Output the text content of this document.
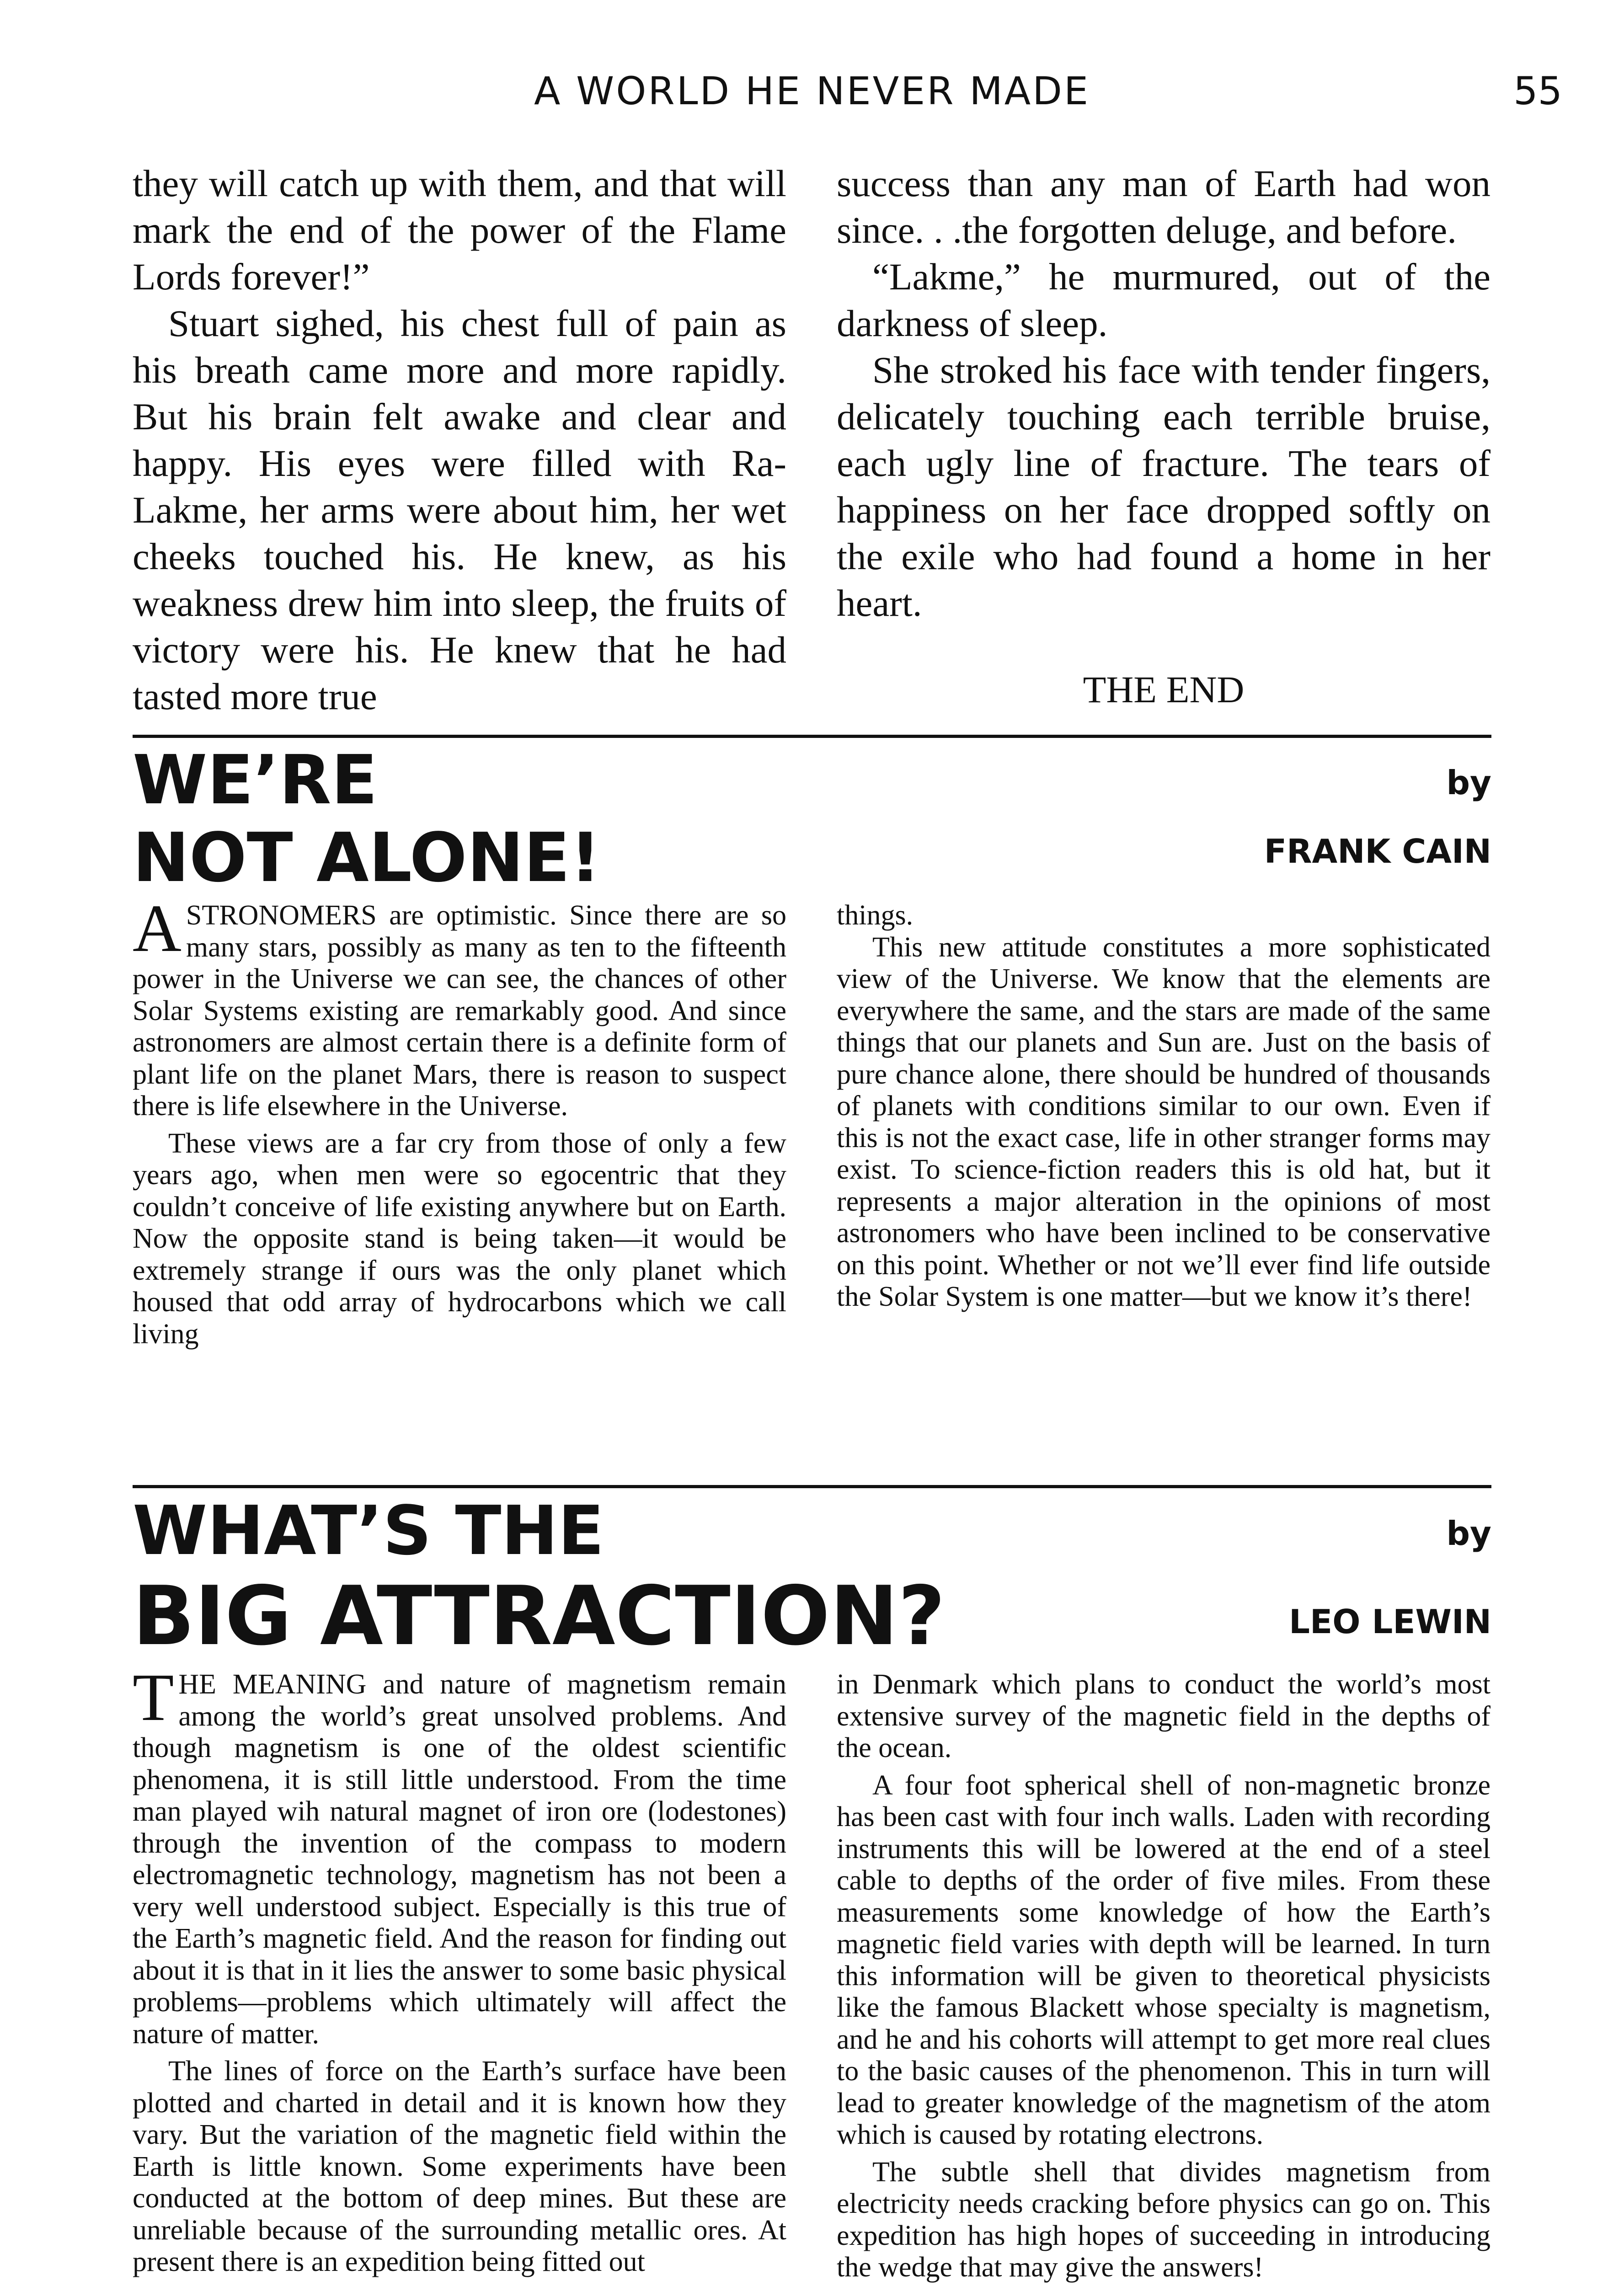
A WORLD HE NEVER MADE	55

they will catch up with them, and that will mark the end of the power of the Flame Lords forever!”

Stuart sighed, his chest full of pain as his breath came more and more rapidly. But his brain felt awake and clear and happy. His eyes were filled with Ra-Lakme, her arms were about him, her wet cheeks touched his. He knew, as his weakness drew him into sleep, the fruits of victory were his. He knew that he had tasted more true

success than any man of Earth had won since. . .the forgotten deluge, and before.

“Lakme,” he murmured, out of the darkness of sleep.

She stroked his face with tender fingers, delicately touching each terrible bruise, each ugly line of fracture. The tears of happiness on her face dropped softly on the exile who had found a home in her heart.

THE END
WE’RE
NOT ALONE!
by
FRANK CAIN

ASTRONOMERS are optimistic. Since there are so many stars, possibly as many as ten to the fifteenth power in the Universe we can see, the chances of other Solar Systems existing are remarkably good. And since astronomers are almost certain there is a definite form of plant life on the planet Mars, there is reason to suspect there is life elsewhere in the Universe.

These views are a far cry from those of only a few years ago, when men were so egocentric that they couldn’t conceive of life existing anywhere but on Earth. Now the opposite stand is being taken—it would be extremely strange if ours was the only planet which housed that odd array of hydrocarbons which we call living

things.

This new attitude constitutes a more sophisticated view of the Universe. We know that the elements are everywhere the same, and the stars are made of the same things that our planets and Sun are. Just on the basis of pure chance alone, there should be hundred of thousands of planets with conditions similar to our own. Even if this is not the exact case, life in other stranger forms may exist. To science-fiction readers this is old hat, but it represents a major alteration in the opinions of most astronomers who have been inclined to be conservative on this point. Whether or not we’ll ever find life outside the Solar System is one matter—but we know it’s there!

WHAT’S THE
BIG ATTRACTION?
by
LEO LEWIN

THE MEANING and nature of magnetism remain among the world’s great unsolved problems. And though magnetism is one of the oldest scientific phenomena, it is still little understood. From the time man played wih natural magnet of iron ore (lodestones) through the invention of the compass to modern electromagnetic technology, magnetism has not been a very well understood subject. Especially is this true of the Earth’s magnetic field. And the reason for finding out about it is that in it lies the answer to some basic physical problems—problems which ultimately will affect the nature of matter.

The lines of force on the Earth’s surface have been plotted and charted in detail and it is known how they vary. But the variation of the magnetic field within the Earth is little known. Some experiments have been conducted at the bottom of deep mines. But these are unreliable because of the surrounding metallic ores. At present there is an expedition being fitted out

in Denmark which plans to conduct the world’s most extensive survey of the magnetic field in the depths of the ocean.

A four foot spherical shell of non-magnetic bronze has been cast with four inch walls. Laden with recording instruments this will be lowered at the end of a steel cable to depths of the order of five miles. From these measurements some knowledge of how the Earth’s magnetic field varies with depth will be learned. In turn this information will be given to theoretical physicists like the famous Blackett whose specialty is magnetism, and he and his cohorts will attempt to get more real clues to the basic causes of the phenomenon. This in turn will lead to greater knowledge of the magnetism of the atom which is caused by rotating electrons.

The subtle shell that divides magnetism from electricity needs cracking before physics can go on. This expedition has high hopes of succeeding in introducing the wedge that may give the answers!
